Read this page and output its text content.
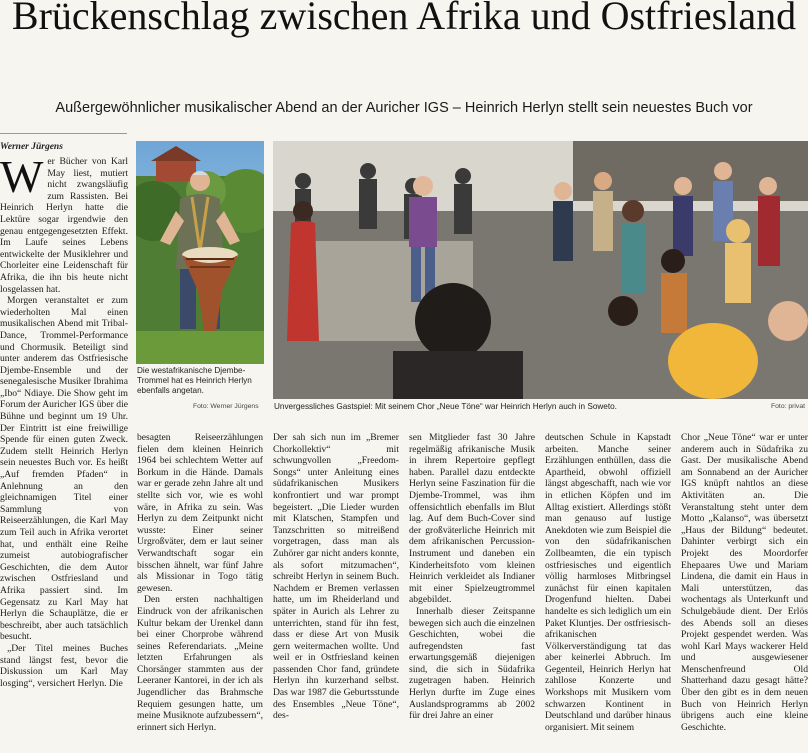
Brückenschlag zwischen Afrika und Ostfriesland

Außergewöhnlicher musikalischer Abend an der Auricher IGS – Heinrich Herlyn stellt sein neuestes Buch vor

Werner Jürgens

Wer Bücher von Karl May liest, mutiert nicht zwangsläufig zum Rassisten. Bei Heinrich Herlyn hatte die Lektüre sogar irgendwie den genau entgegengesetzten Effekt. Im Laufe seines Lebens entwickelte der Musiklehrer und Chorleiter eine Leidenschaft für Afrika, die ihn bis heute nicht losgelassen hat.

Morgen veranstaltet er zum wiederholten Mal einen musikalischen Abend mit Tribal-Dance, Trommel-Performance und Chormusik. Beteiligt sind unter anderem das Ostfriesische Djembe-Ensemble und der senegalesische Musiker Ibrahima „Ibo“ Ndiaye. Die Show geht im Forum der Auricher IGS über die Bühne und beginnt um 19 Uhr. Der Eintritt ist eine freiwillige Spende für einen guten Zweck. Zudem stellt Heinrich Herlyn sein neuestes Buch vor. Es heißt „Auf fremden Pfaden“ in Anlehnung an den gleichnamigen Titel einer Sammlung von Reiseerzählungen, die Karl May zum Teil auch in Afrika verortet hat, und enthält eine Reihe zumeist autobiografischer Geschichten, die dem Autor zwischen Ostfriesland und Afrika passiert sind. Im Gegensatz zu Karl May hat Herlyn die Schauplätze, die er beschreibt, aber auch tatsächlich besucht.

„Der Titel meines Buches stand längst fest, bevor die Diskussion um Karl May losging“, versichert Herlyn. Die

Die westafrikanische Djembe-Trommel hat es Heinrich Herlyn ebenfalls angetan.
Foto: Werner Jürgens Unvergessliches Gastspiel: Mit seinem Chor „Neue Töne“ war Heinrich Herlyn auch in Soweto.	Foto: privat

besagten Reiseerzählungen fielen dem kleinen Heinrich 1964 bei schlechtem Wetter auf Borkum in die Hände. Damals war er gerade zehn Jahre alt und stellte sich vor, wie es wohl wäre, in Afrika zu sein. Was Herlyn zu dem Zeitpunkt nicht wusste: Einer seiner Urgroßväter, dem er laut seiner Verwandtschaft sogar ein bisschen ähnelt, war fünf Jahre als Missionar in Togo tätig gewesen.

Den ersten nachhaltigen Eindruck von der afrikanischen Kultur bekam der Urenkel dann bei einer Chorprobe während seines Referendariats. „Meine letzten Erfahrungen als Chorsänger stammten aus der Leeraner Kantorei, in der ich als Jugendlicher das Brahmsche Requiem gesungen hatte, um meine Musiknote aufzubessern“, erinnert sich Herlyn.

Der sah sich nun im „Bremer Chorkollektiv“ mit schwungvollen „Freedom-Songs“ unter Anleitung eines südafrikanischen Musikers konfrontiert und war prompt begeistert. „Die Lieder wurden mit Klatschen, Stampfen und Tanzschritten so mitreißend vorgetragen, dass man als Zuhörer gar nicht anders konnte, als sofort mitzumachen“, schreibt Herlyn in seinem Buch. Nachdem er Bremen verlassen hatte, um im Rheiderland und später in Aurich als Lehrer zu unterrichten, stand für ihn fest, dass er diese Art von Musik gern weitermachen wollte. Und weil er in Ostfriesland keinen passenden Chor fand, gründete Herlyn ihn kurzerhand selbst. Das war 1987 die Geburtsstunde des Ensembles „Neue Töne“, des-

sen Mitglieder fast 30 Jahre regelmäßig afrikanische Musik in ihrem Repertoire gepflegt haben. Parallel dazu entdeckte Herlyn seine Faszination für die Djembe-Trommel, was ihm offensichtlich ebenfalls im Blut lag. Auf dem Buch-Cover sind der großväterliche Heinrich mit dem afrikanischen Percussion-Instrument und daneben ein Kinderheitsfoto vom kleinen Heinrich verkleidet als Indianer mit einer Spielzeugtrommel abgebildet.

Innerhalb dieser Zeitspanne bewegen sich auch die einzelnen Geschichten, wobei die aufregendsten fast erwartungsgemäß diejenigen sind, die sich in Südafrika zugetragen haben. Heinrich Herlyn durfte im Zuge eines Auslandsprogramms ab 2002 für drei Jahre an einer

deutschen Schule in Kapstadt arbeiten. Manche seiner Erzählungen enthüllen, dass die Apartheid, obwohl offiziell längst abgeschafft, nach wie vor in etlichen Köpfen und im Alltag existiert. Allerdings stößt man genauso auf lustige Anekdoten wie zum Beispiel die von den südafrikanischen Zollbeamten, die ein typisch ostfriesisches und eigentlich völlig harmloses Mitbringsel zunächst für einen kapitalen Drogenfund hielten. Dabei handelte es sich lediglich um ein Paket Kluntjes. Der ostfriesisch-afrikanischen Völkerverständigung tat das aber keinerlei Abbruch. Im Gegenteil, Heinrich Herlyn hat zahllose Konzerte und Workshops mit Musikern vom schwarzen Kontinent in Deutschland und darüber hinaus organisiert. Mit seinem

Chor „Neue Töne“ war er unter anderem auch in Südafrika zu Gast. Der musikalische Abend am Sonnabend an der Auricher IGS knüpft nahtlos an diese Aktivitäten an. Die Veranstaltung steht unter dem Motto „Kalanso“, was übersetzt „Haus der Bildung“ bedeutet. Dahinter verbirgt sich ein Projekt des Moordorfer Ehepaares Uwe und Mariam Lindena, die damit ein Haus in Mali unterstützen, das wochentags als Unterkunft und Schulgebäude dient. Der Erlös des Abends soll an dieses Projekt gespendet werden. Was wohl Karl Mays wackerer Held und ausgewiesener Menschenfreund Old Shatterhand dazu gesagt hätte? Über den gibt es in dem neuen Buch von Heinrich Herlyn übrigens auch eine kleine Geschichte.
